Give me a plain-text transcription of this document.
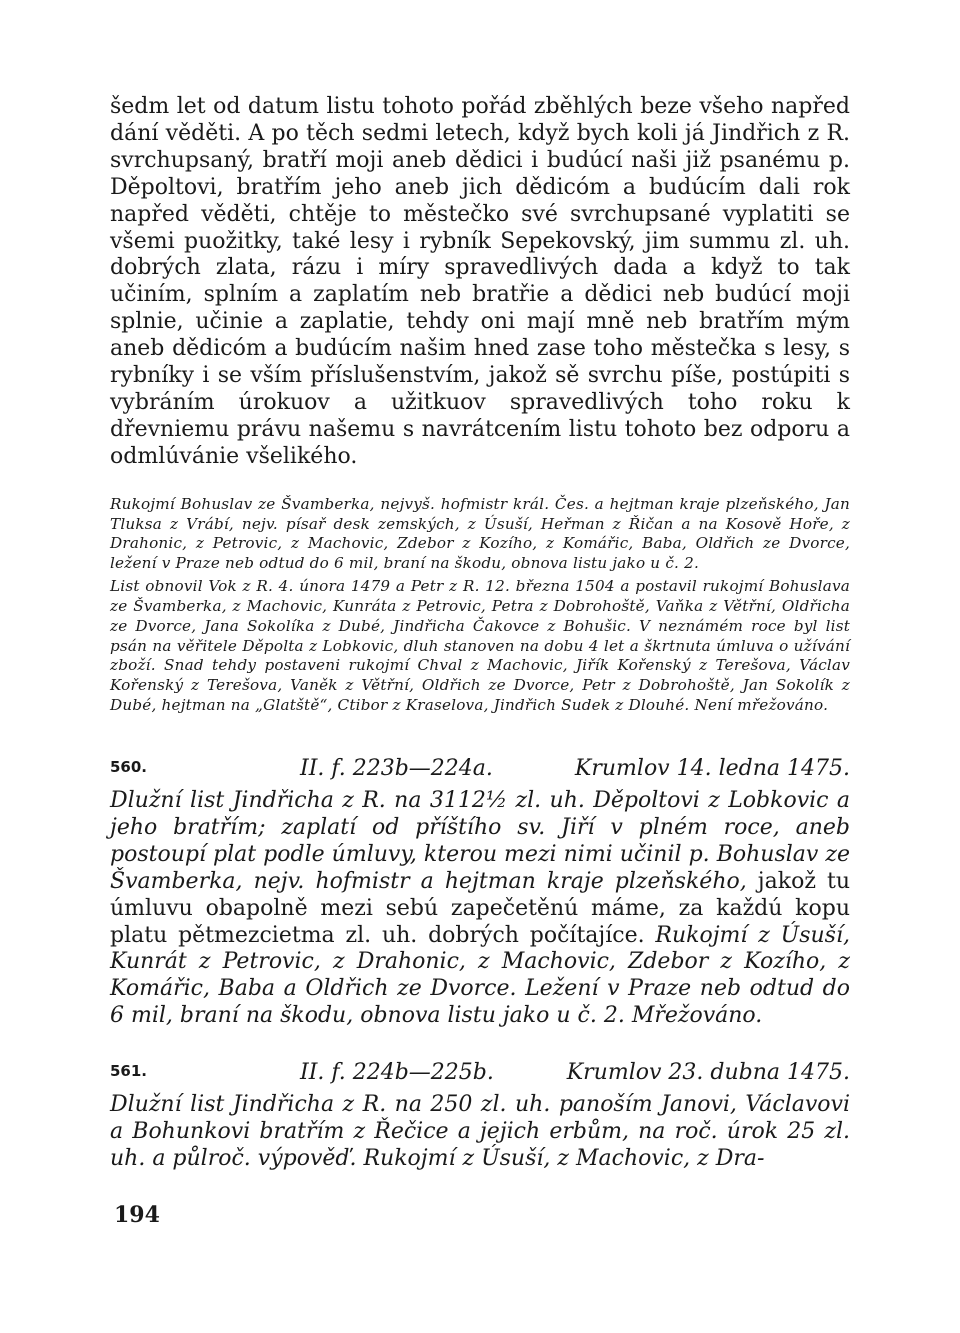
šedm let od datum listu tohoto pořád zběhlých beze všeho napřed dání věděti. A po těch sedmi letech, když bych koli já Jindřich z R. svrchupsaný, bratří moji aneb dědici i budúcí naši již psanému p. Děpoltovi, bratřím jeho aneb jich dědicóm a budúcím dali rok napřed věděti, chtěje to městečko své svrchupsané vyplatiti se všemi puožitky, také lesy i rybník Sepekovský, jim summu zl. uh. dobrých zlata, rázu i míry spravedlivých dada a když to tak učiním, splním a zaplatím neb bratřie a dědici neb budúcí moji splnie, učinie a zaplatie, tehdy oni mají mně neb bratřím mým aneb dědicóm a budúcím našim hned zase toho městečka s lesy, s rybníky i se vším příslušenstvím, jakož sě svrchu píše, postúpiti s vybráním úrokuov a užitkuov spravedlivých toho roku k dřevniemu právu našemu s navrátcením listu tohoto bez odporu a odmlúvánie všelikého.

Rukojmí Bohuslav ze Švamberka, nejvyš. hofmistr král. Čes. a hejtman kraje plzeňského, Jan Tluksa z Vrábí, nejv. písař desk zemských, z Úsuší, Heřman z Řičan a na Kosově Hoře, z Drahonic, z Petrovic, z Machovic, Zdebor z Kozího, z Komářic, Baba, Oldřich ze Dvorce, ležení v Praze neb odtud do 6 mil, braní na škodu, obnova listu jako u č. 2.

List obnovil Vok z R. 4. února 1479 a Petr z R. 12. března 1504 a postavil rukojmí Bohuslava ze Švamberka, z Machovic, Kunráta z Petrovic, Petra z Dobrohoště, Vaňka z Větřní, Oldřicha ze Dvorce, Jana Sokolíka z Dubé, Jindřicha Čakovce z Bohušic. V neznámém roce byl list psán na věřitele Děpolta z Lobkovic, dluh stanoven na dobu 4 let a škrtnuta úmluva o užívání zboží. Snad tehdy postaveni rukojmí Chval z Machovic, Jiřík Kořenský z Terešova, Václav Kořenský z Terešova, Vaněk z Větřní, Oldřich ze Dvorce, Petr z Dobrohoště, Jan Sokolík z Dubé, hejtman na „Glatště“, Ctibor z Kraselova, Jindřich Sudek z Dlouhé. Není mřežováno.

560.	II. f. 223b—224a.	Krumlov 14. ledna 1475.

Dlužní list Jindřicha z R. na 3112½ zl. uh. Děpoltovi z Lobkovic a jeho bratřím; zaplatí od příštího sv. Jiří v plném roce, aneb postoupí plat podle úmluvy, kterou mezi nimi učinil p. Bohuslav ze Švamberka, nejv. hofmistr a hejtman kraje plzeňského, jakož tu úmluvu obapolně mezi sebú zapečetěnú máme, za každú kopu platu pětmezcietma zl. uh. dobrých počítajíce. Rukojmí z Úsuší, Kunrát z Petrovic, z Drahonic, z Machovic, Zdebor z Kozího, z Komářic, Baba a Oldřich ze Dvorce. Ležení v Praze neb odtud do 6 mil, braní na škodu, obnova listu jako u č. 2. Mřežováno.

561.	II. f. 224b—225b.	Krumlov 23. dubna 1475.

Dlužní list Jindřicha z R. na 250 zl. uh. panoším Janovi, Václavovi a Bohunkovi bratřím z Řečice a jejich erbům, na roč. úrok 25 zl. uh. a půlroč. výpověď. Rukojmí z Úsuší, z Machovic, z Dra-

194
